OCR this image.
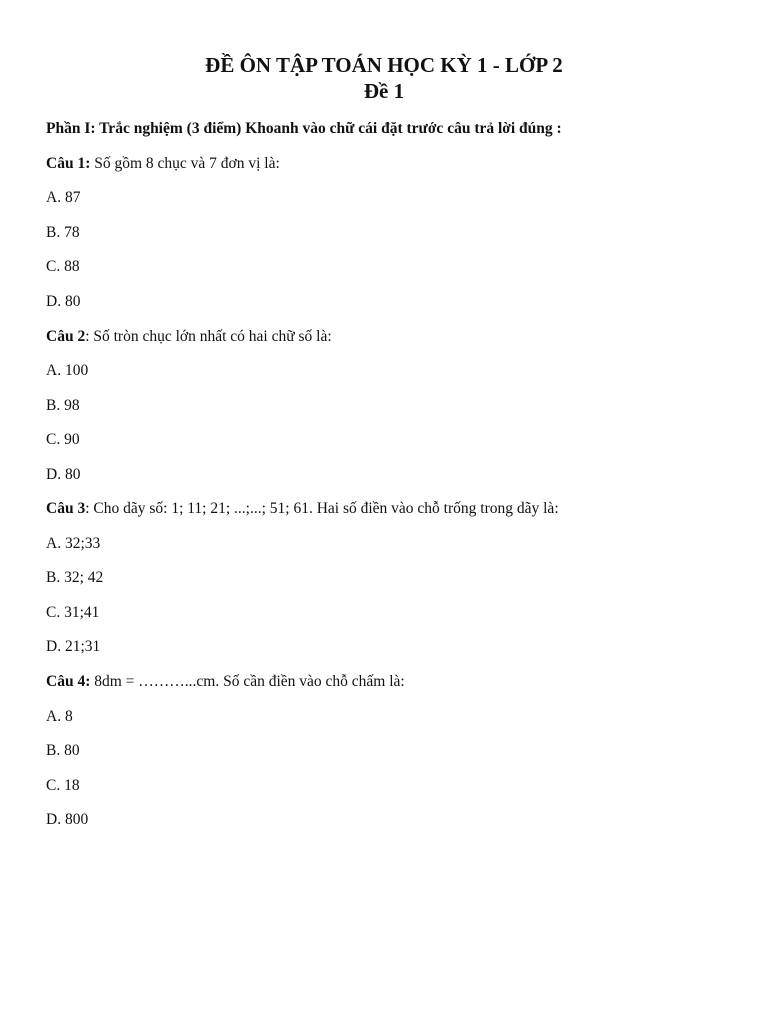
ĐỀ ÔN TẬP TOÁN HỌC KỲ 1 - LỚP 2
Đề 1
Phần I: Trắc nghiệm (3 điểm) Khoanh vào chữ cái đặt trước câu trả lời đúng :
Câu 1: Số gồm 8 chục và 7 đơn vị là:
A. 87
B. 78
C. 88
D. 80
Câu 2: Số tròn chục lớn nhất có hai chữ số là:
A. 100
B. 98
C. 90
D. 80
Câu 3: Cho dãy số: 1; 11; 21; ...;...; 51; 61. Hai số điền vào chỗ trống trong dãy là:
A. 32;33
B. 32; 42
C. 31;41
D. 21;31
Câu 4: 8dm = ………...cm. Số cần điền vào chỗ chấm là:
A. 8
B. 80
C. 18
D. 800
